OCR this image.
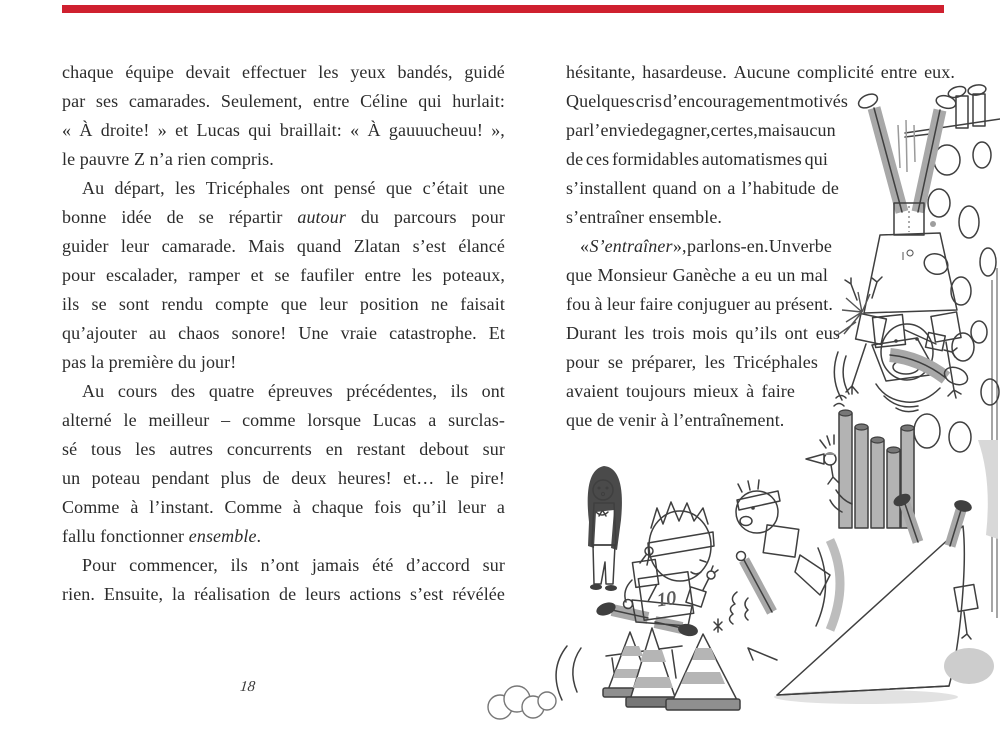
chaque équipe devait effectuer les yeux bandés, guidé
par ses camarades. Seulement, entre Céline qui hurlait:
« À droite! » et Lucas qui braillait: « À gauuucheuu! »,
le pauvre Z n’a rien compris.
Au départ, les Tricéphales ont pensé que c’était une
bonne idée de se répartir autour du parcours pour
guider leur camarade. Mais quand Zlatan s’est élancé
pour escalader, ramper et se faufiler entre les poteaux,
ils se sont rendu compte que leur position ne faisait
qu’ajouter au chaos sonore! Une vraie catastrophe. Et
pas la première du jour!
Au cours des quatre épreuves précédentes, ils ont
alterné le meilleur – comme lorsque Lucas a surclas-
sé tous les autres concurrents en restant debout sur
un poteau pendant plus de deux heures! et… le pire!
Comme à l’instant. Comme à chaque fois qu’il leur a
fallu fonctionner ensemble.
Pour commencer, ils n’ont jamais été d’accord sur
rien. Ensuite, la réalisation de leurs actions s’est révélée
hésitante, hasardeuse. Aucune complicité entre eux.
Quelques cris d’encouragement motivés
par l’envie de gagner, certes, mais aucun
de ces formidables automatismes qui
s’installent quand on a l’habitude de
s’entraîner ensemble.
« S’entraîner », parlons-en. Un verbe
que Monsieur Ganèche a eu un mal
fou à leur faire conjuguer au présent.
Durant les trois mois qu’ils ont eus
pour se préparer, les Tricéphales
avaient toujours mieux à faire
que de venir à l’entraînement.
18
10
